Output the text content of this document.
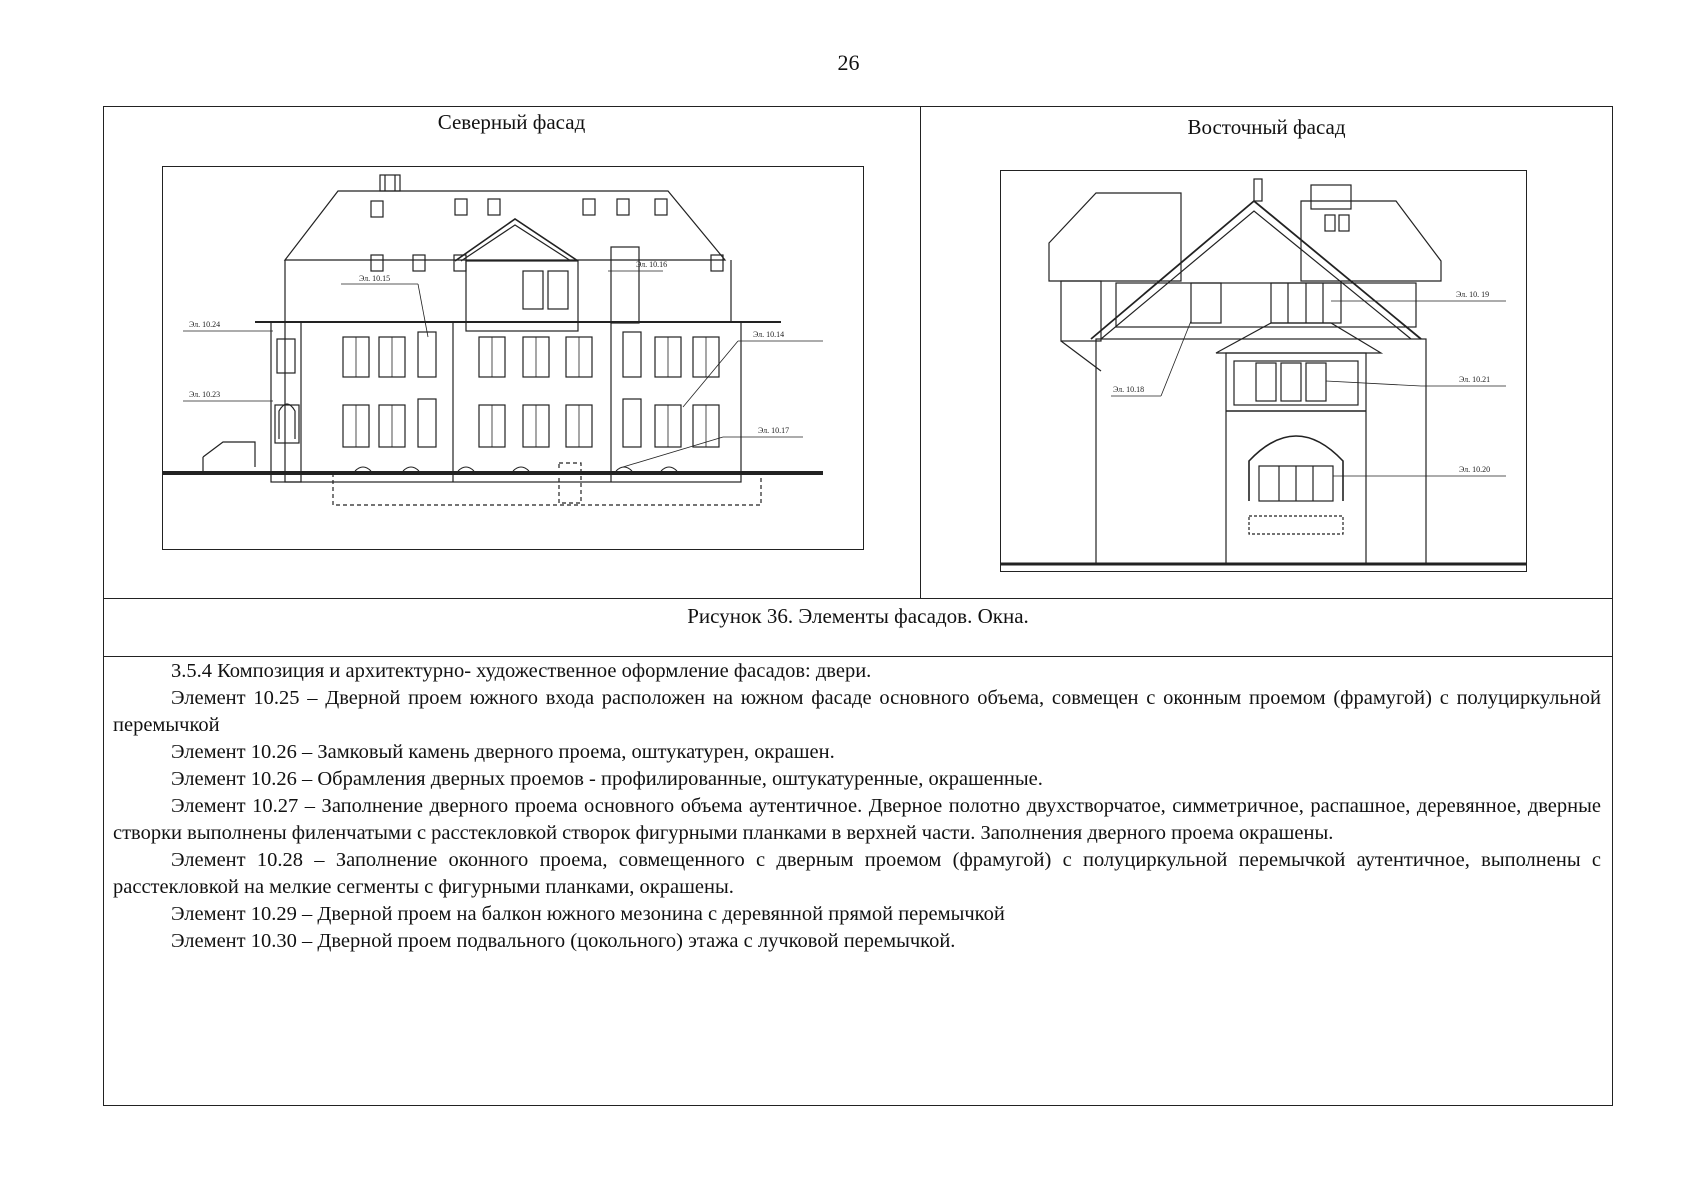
26
Северный фасад	Восточный фасад
Эл. 10.15
Эл. 10.16
Эл. 10.24
Эл. 10.14
Эл. 10.23
Эл. 10.17
Эл. 10. 19
Эл. 10.21
Эл. 10.18
Эл. 10.20
Рисунок 36. Элементы фасадов. Окна.

3.5.4 Композиция и архитектурно- художественное оформление фасадов: двери.

Элемент 10.25 – Дверной проем южного входа расположен на южном фасаде основного объема, совмещен с оконным проемом (фрамугой) с полуциркульной перемычкой

Элемент 10.26 – Замковый камень дверного проема, оштукатурен, окрашен.

Элемент 10.26 – Обрамления дверных проемов - профилированные, оштукатуренные, окрашенные.

Элемент 10.27 – Заполнение дверного проема основного объема аутентичное. Дверное полотно двухстворчатое, симметричное, распашное, деревянное, дверные створки выполнены филенчатыми с расстекловкой створок фигурными планками в верхней части. Заполнения дверного проема окрашены.

Элемент 10.28 – Заполнение оконного проема, совмещенного с дверным проемом (фрамугой) с полуциркульной перемычкой аутентичное, выполнены с расстекловкой на мелкие сегменты с фигурными планками, окрашены.

Элемент 10.29 – Дверной проем на балкон южного мезонина с деревянной прямой перемычкой

Элемент 10.30 – Дверной проем подвального (цокольного) этажа с лучковой перемычкой.
